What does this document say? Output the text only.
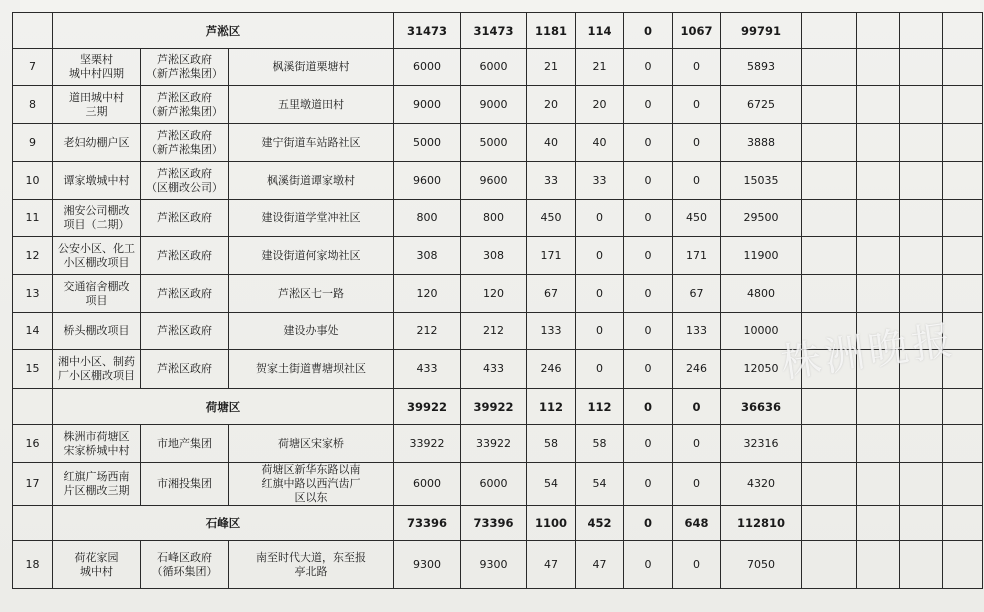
	芦淞区			31473	31473	1181	114	0	1067	99791				
7	坚栗村
城中村四期	芦淞区政府
（新芦淞集团）	枫溪街道栗塘村	6000	6000	21	21	0	0	5893				
8	道田城中村
三期	芦淞区政府
（新芦淞集团）	五里墩道田村	9000	9000	20	20	0	0	6725				
9	老妇幼棚户区	芦淞区政府
（新芦淞集团）	建宁街道车站路社区	5000	5000	40	40	0	0	3888				
10	谭家墩城中村	芦淞区政府
（区棚改公司）	枫溪街道谭家墩村	9600	9600	33	33	0	0	15035				
11	湘安公司棚改
项目（二期）	芦淞区政府	建设街道学堂冲社区	800	800	450	0	0	450	29500				
12	公安小区、化工
小区棚改项目	芦淞区政府	建设街道何家坳社区	308	308	171	0	0	171	11900				
13	交通宿舍棚改
项目	芦淞区政府	芦淞区七一路	120	120	67	0	0	67	4800				
14	桥头棚改项目	芦淞区政府	建设办事处	212	212	133	0	0	133	10000				
15	湘中小区、制药
厂小区棚改项目	芦淞区政府	贺家土街道曹塘坝社区	433	433	246	0	0	246	12050				
	荷塘区			39922	39922	112	112	0	0	36636				
16	株洲市荷塘区
宋家桥城中村	市地产集团	荷塘区宋家桥	33922	33922	58	58	0	0	32316				
17	红旗广场西南
片区棚改三期	市湘投集团	荷塘区新华东路以南
红旗中路以西汽齿厂
区以东	6000	6000	54	54	0	0	4320				
	石峰区			73396	73396	1100	452	0	648	112810				
18	荷花家园
城中村	石峰区政府
（循环集团）	南至时代大道，东至报
亭北路	9300	9300	47	47	0	0	7050				
株洲晚报
